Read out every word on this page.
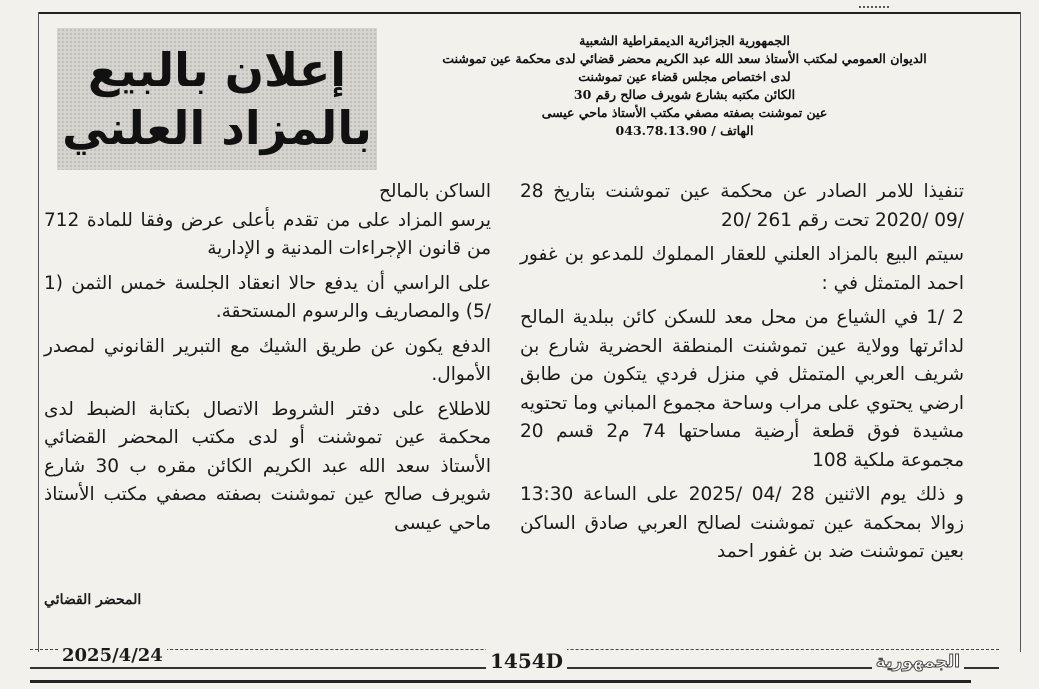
إعلان بالبيع
بالمزاد العلني
الجمهورية الجزائرية الديمقراطية الشعبية
الديوان العمومي لمكتب الأستاذ سعد الله عبد الكريم محضر قضائي لدى محكمة عين تموشنت
لدى اختصاص مجلس قضاء عين تموشنت
الكائن مكتبه بشارع شويرف صالح رقم 30
عين تموشنت بصفته مصفي مكتب الأستاذ ماحي عيسى
الهاتف / 043.78.13.90

تنفيذا للامر الصادر عن محكمة عين تموشنت بتاريخ 28 /09 /2020 تحت رقم 261 /20

سيتم البيع بالمزاد العلني للعقار المملوك للمدعو بن غفور احمد المتمثل في :

2 /1 في الشياع من محل معد للسكن كائن ببلدية المالح لدائرتها وولاية عين تموشنت المنطقة الحضرية شارع بن شريف العربي المتمثل في منزل فردي يتكون من طابق ارضي يحتوي على مراب وساحة مجموع المباني وما تحتويه مشيدة فوق قطعة أرضية مساحتها 74 م2 قسم 20 مجموعة ملكية 108

و ذلك يوم الاثنين 28 /04 /2025 على الساعة 13:30 زوالا بمحكمة عين تموشنت لصالح العربي صادق الساكن بعين تموشنت ضد بن غفور احمد

الساكن بالمالح

يرسو المزاد على من تقدم بأعلى عرض وفقا للمادة 712 من قانون الإجراءات المدنية و الإدارية

على الراسي أن يدفع حالا انعقاد الجلسة خمس الثمن (1 /5) والمصاريف والرسوم المستحقة.

الدفع يكون عن طريق الشيك مع التبرير القانوني لمصدر الأموال.

للاطلاع على دفتر الشروط الاتصال بكتابة الضبط لدى محكمة عين تموشنت أو لدى مكتب المحضر القضائي الأستاذ سعد الله عبد الكريم الكائن مقره ب 30 شارع شويرف صالح عين تموشنت بصفته مصفي مكتب الأستاذ ماحي عيسى

المحضر القضائي
2025/4/24	1454D	الجمهورية
